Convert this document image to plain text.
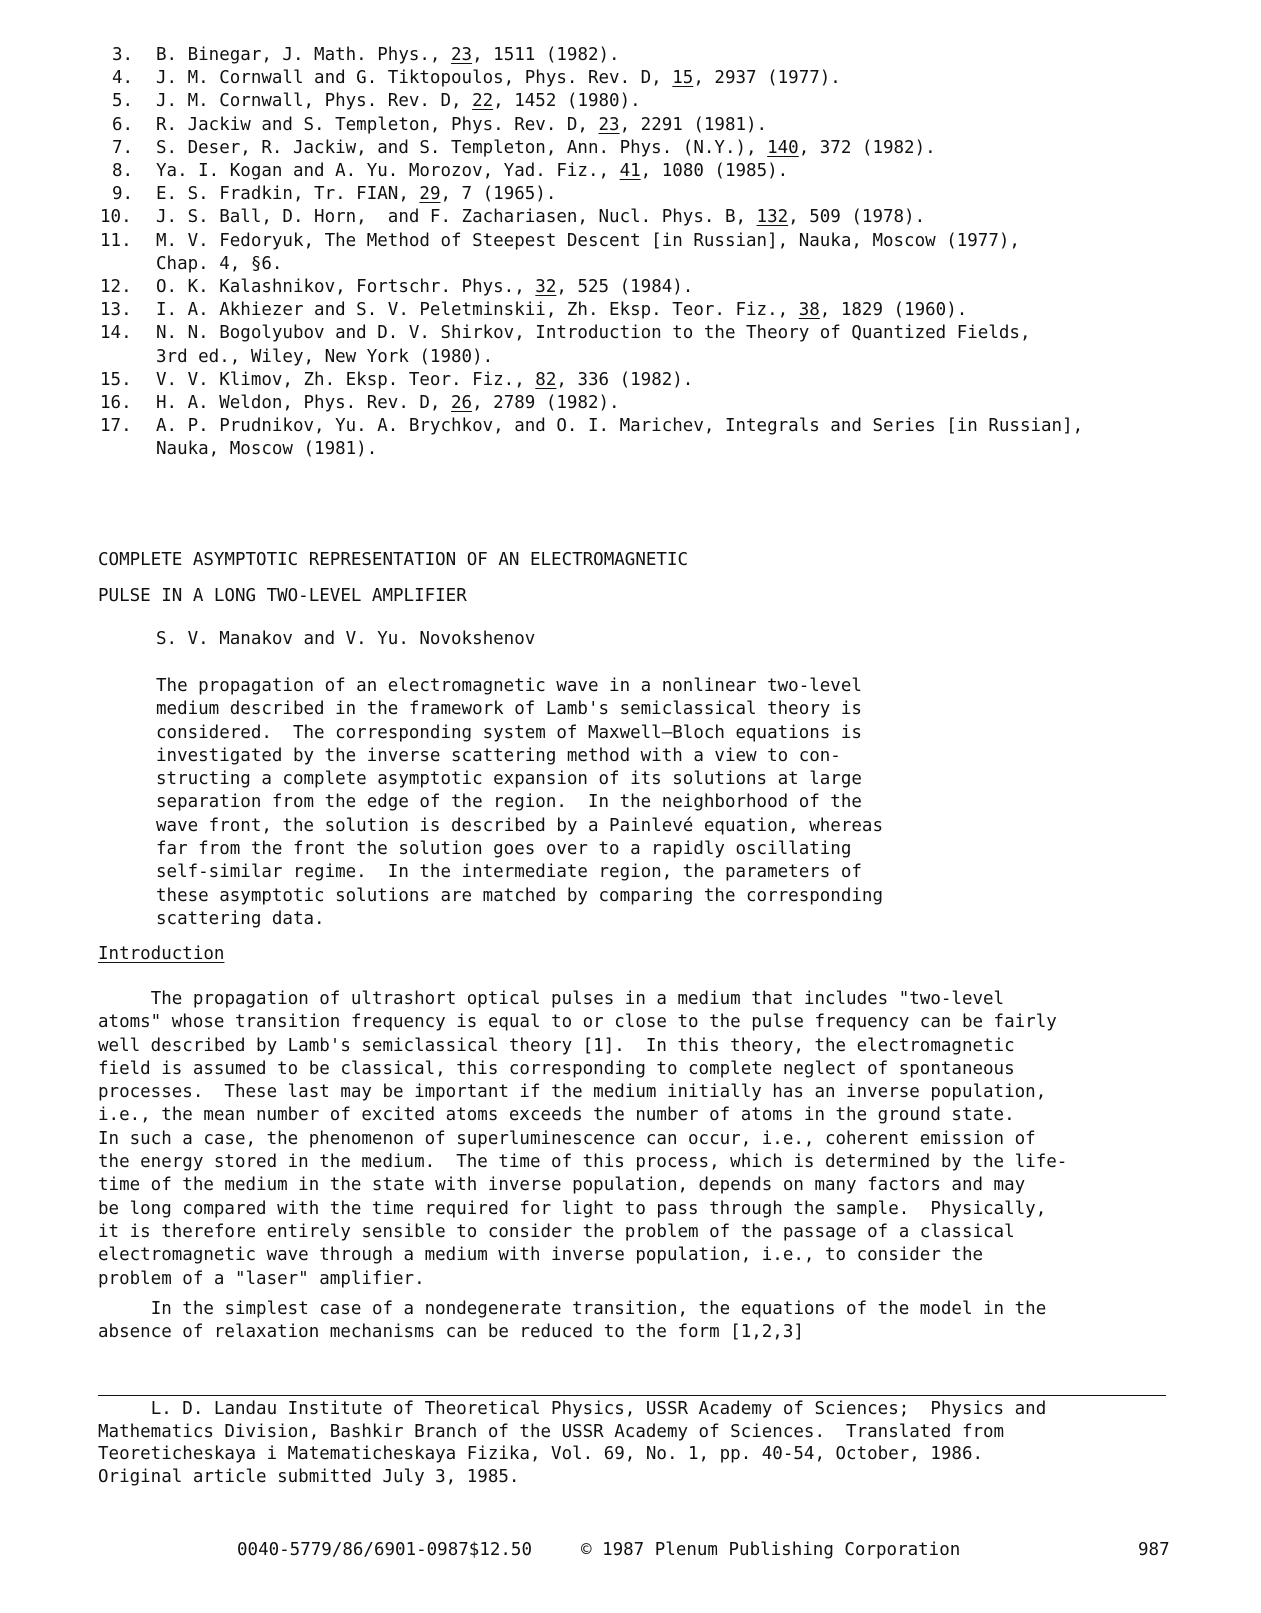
3.	B. Binegar, J. Math. Phys., 23, 1511 (1982).
4.	J. M. Cornwall and G. Tiktopoulos, Phys. Rev. D, 15, 2937 (1977).
5.	J. M. Cornwall, Phys. Rev. D, 22, 1452 (1980).
6.	R. Jackiw and S. Templeton, Phys. Rev. D, 23, 2291 (1981).
7.	S. Deser, R. Jackiw, and S. Templeton, Ann. Phys. (N.Y.), 140, 372 (1982).
8.	Ya. I. Kogan and A. Yu. Morozov, Yad. Fiz., 41, 1080 (1985).
9.	E. S. Fradkin, Tr. FIAN, 29, 7 (1965).
10.	J. S. Ball, D. Horn,  and F. Zachariasen, Nucl. Phys. B, 132, 509 (1978).
11.	M. V. Fedoryuk, The Method of Steepest Descent [in Russian], Nauka, Moscow (1977),
Chap. 4, §6.
12.	O. K. Kalashnikov, Fortschr. Phys., 32, 525 (1984).
13.	I. A. Akhiezer and S. V. Peletminskii, Zh. Eksp. Teor. Fiz., 38, 1829 (1960).
14.	N. N. Bogolyubov and D. V. Shirkov, Introduction to the Theory of Quantized Fields,
3rd ed., Wiley, New York (1980).
15.	V. V. Klimov, Zh. Eksp. Teor. Fiz., 82, 336 (1982).
16.	H. A. Weldon, Phys. Rev. D, 26, 2789 (1982).
17.	A. P. Prudnikov, Yu. A. Brychkov, and O. I. Marichev, Integrals and Series [in Russian],
Nauka, Moscow (1981).
COMPLETE ASYMPTOTIC REPRESENTATION OF AN ELECTROMAGNETIC
PULSE IN A LONG TWO-LEVEL AMPLIFIER
S. V. Manakov and V. Yu. Novokshenov
The propagation of an electromagnetic wave in a nonlinear two-level
medium described in the framework of Lamb's semiclassical theory is
considered.  The corresponding system of Maxwell–Bloch equations is
investigated by the inverse scattering method with a view to con-
structing a complete asymptotic expansion of its solutions at large
separation from the edge of the region.  In the neighborhood of the
wave front, the solution is described by a Painlevé equation, whereas
far from the front the solution goes over to a rapidly oscillating
self-similar regime.  In the intermediate region, the parameters of
these asymptotic solutions are matched by comparing the corresponding
scattering data.
Introduction
The propagation of ultrashort optical pulses in a medium that includes "two-level
atoms" whose transition frequency is equal to or close to the pulse frequency can be fairly
well described by Lamb's semiclassical theory [1].  In this theory, the electromagnetic
field is assumed to be classical, this corresponding to complete neglect of spontaneous
processes.  These last may be important if the medium initially has an inverse population,
i.e., the mean number of excited atoms exceeds the number of atoms in the ground state.
In such a case, the phenomenon of superluminescence can occur, i.e., coherent emission of
the energy stored in the medium.  The time of this process, which is determined by the life-
time of the medium in the state with inverse population, depends on many factors and may
be long compared with the time required for light to pass through the sample.  Physically,
it is therefore entirely sensible to consider the problem of the passage of a classical
electromagnetic wave through a medium with inverse population, i.e., to consider the
problem of a "laser" amplifier.
In the simplest case of a nondegenerate transition, the equations of the model in the
absence of relaxation mechanisms can be reduced to the form [1,2,3]
L. D. Landau Institute of Theoretical Physics, USSR Academy of Sciences;  Physics and
Mathematics Division, Bashkir Branch of the USSR Academy of Sciences.  Translated from
Teoreticheskaya i Matematicheskaya Fizika, Vol. 69, No. 1, pp. 40-54, October, 1986.
Original article submitted July 3, 1985.
0040-5779/86/6901-0987$12.50	© 1987 Plenum Publishing Corporation	987
